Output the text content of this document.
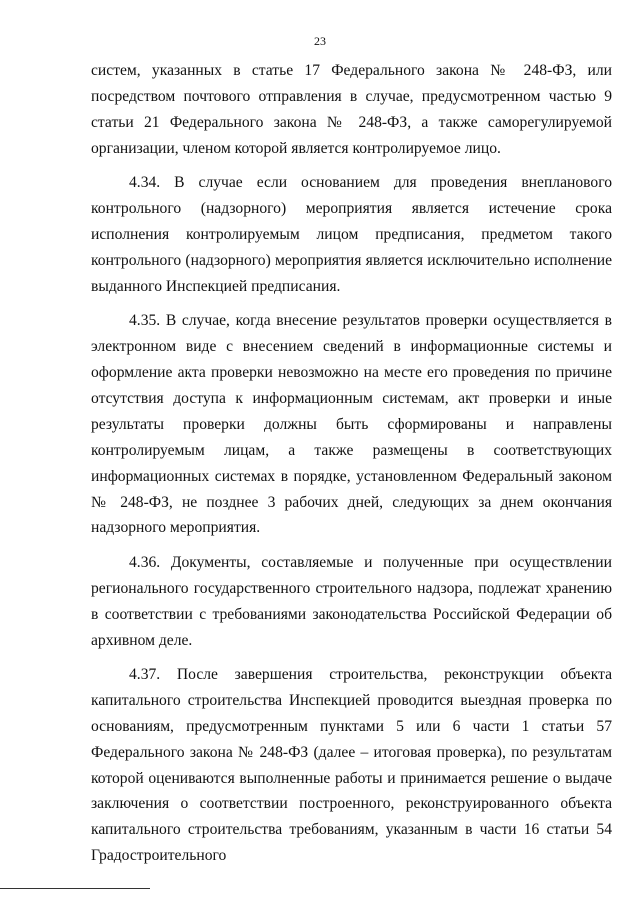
23

систем, указанных в статье 17 Федерального закона № 248-ФЗ, или посредством почтового отправления в случае, предусмотренном частью 9 статьи 21 Федерального закона № 248-ФЗ, а также саморегулируемой организации, членом которой является контролируемое лицо.

4.34. В случае если основанием для проведения внепланового контрольного (надзорного) мероприятия является истечение срока исполнения контролируемым лицом предписания, предметом такого контрольного (надзорного) мероприятия является исключительно исполнение выданного Инспекцией предписания.

4.35. В случае, когда внесение результатов проверки осуществляется в электронном виде с внесением сведений в информационные системы и оформление акта проверки невозможно на месте его проведения по причине отсутствия доступа к информационным системам, акт проверки и иные результаты проверки должны быть сформированы и направлены контролируемым лицам, а также размещены в соответствующих информационных системах в порядке, установленном Федеральный законом № 248-ФЗ, не позднее 3 рабочих дней, следующих за днем окончания надзорного мероприятия.

4.36. Документы, составляемые и полученные при осуществлении регионального государственного строительного надзора, подлежат хранению в соответствии с требованиями законодательства Российской Федерации об архивном деле.

4.37. После завершения строительства, реконструкции объекта капитального строительства Инспекцией проводится выездная проверка по основаниям, предусмотренным пунктами 5 или 6 части 1 статьи 57 Федерального закона № 248-ФЗ (далее – итоговая проверка), по результатам которой оцениваются выполненные работы и принимается решение о выдаче заключения о соответствии построенного, реконструированного объекта капитального строительства требованиям, указанным в части 16 статьи 54 Градостроительного
